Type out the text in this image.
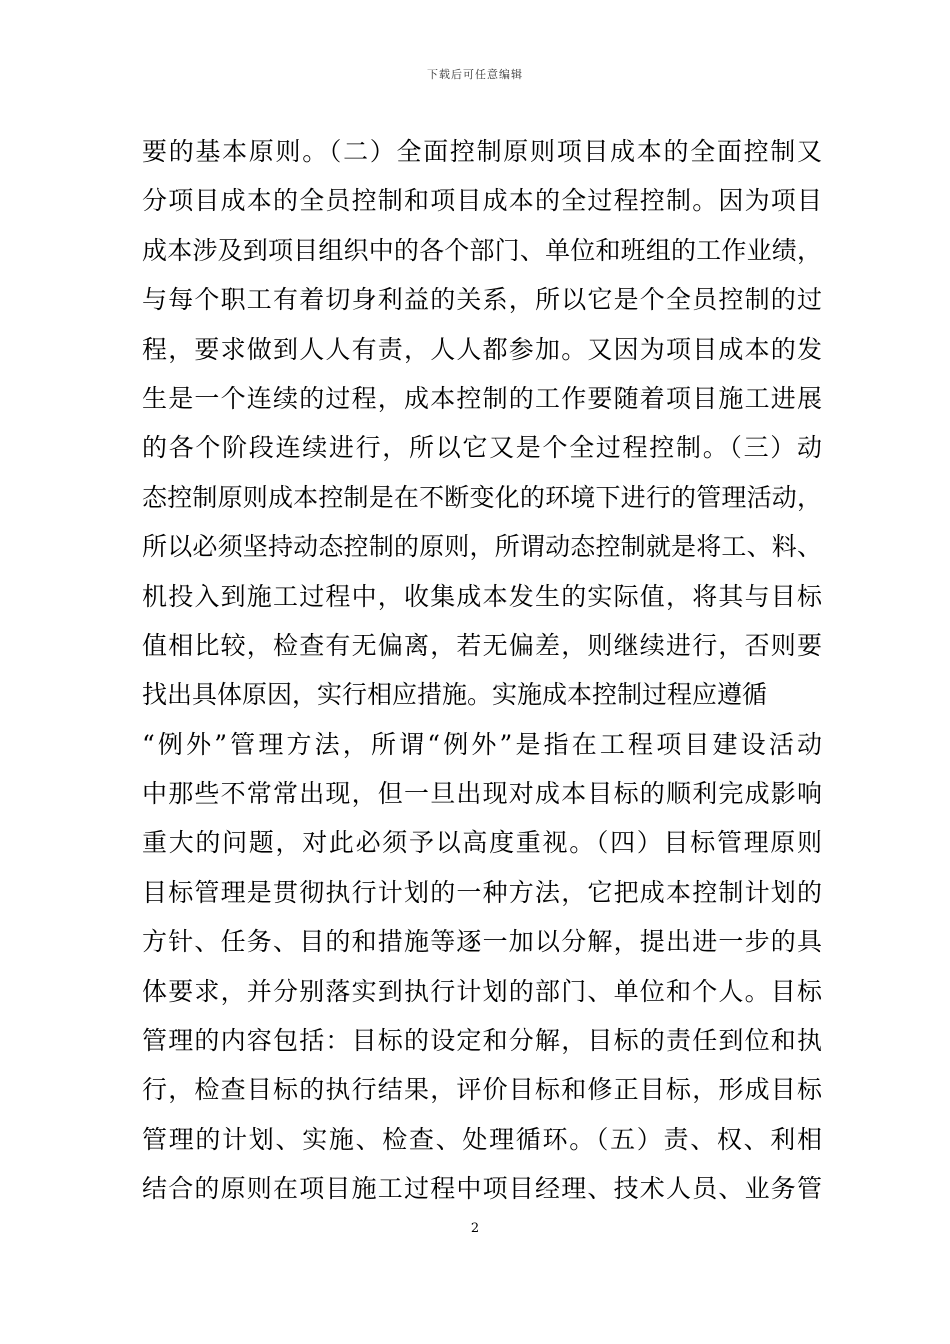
下载后可任意编辑
要的基本原则。（二）全面控制原则项目成本的全面控制又
分项目成本的全员控制和项目成本的全过程控制。因为项目
成本涉及到项目组织中的各个部门、单位和班组的工作业绩，
与每个职工有着切身利益的关系，所以它是个全员控制的过
程，要求做到人人有责，人人都参加。又因为项目成本的发
生是一个连续的过程，成本控制的工作要随着项目施工进展
的各个阶段连续进行，所以它又是个全过程控制。（三）动
态控制原则成本控制是在不断变化的环境下进行的管理活动，
所以必须坚持动态控制的原则，所谓动态控制就是将工、料、
机投入到施工过程中，收集成本发生的实际值，将其与目标
值相比较，检查有无偏离，若无偏差，则继续进行，否则要
找出具体原因，实行相应措施。实施成本控制过程应遵循
“例外”管理方法，所谓“例外”是指在工程项目建设活动
中那些不常常出现，但一旦出现对成本目标的顺利完成影响
重大的问题，对此必须予以高度重视。（四）目标管理原则
目标管理是贯彻执行计划的一种方法，它把成本控制计划的
方针、任务、目的和措施等逐一加以分解，提出进一步的具
体要求，并分别落实到执行计划的部门、单位和个人。目标
管理的内容包括：目标的设定和分解，目标的责任到位和执
行，检查目标的执行结果，评价目标和修正目标，形成目标
管理的计划、实施、检查、处理循环。（五）责、权、利相
结合的原则在项目施工过程中项目经理、技术人员、业务管
2
